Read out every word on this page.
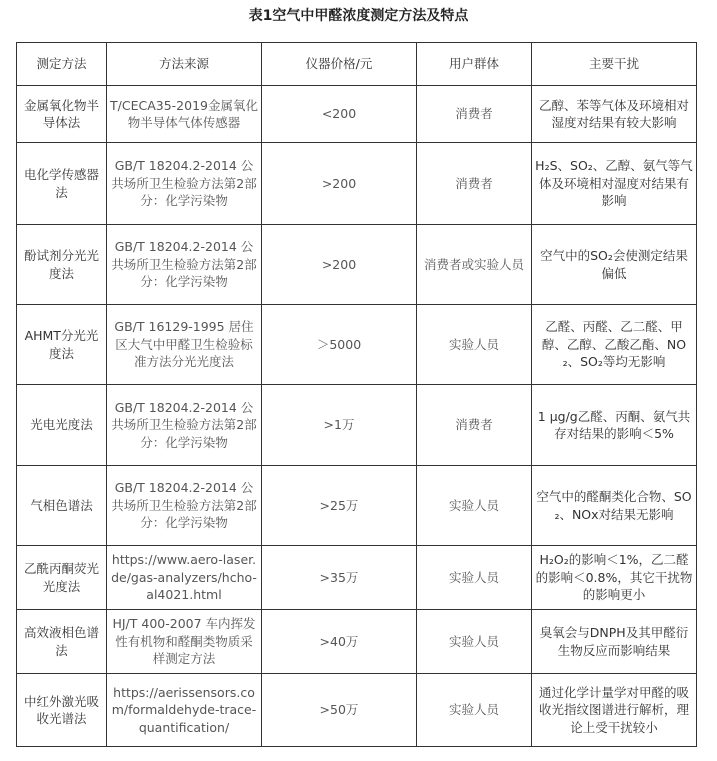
表1空气中甲醛浓度测定方法及特点
测定方法	方法来源	仪器价格/元	用户群体	主要干扰
金属氧化物半导体法	T/CECA35-2019金属氧化物半导体气体传感器	<200	消费者	乙醇、苯等气体及环境相对湿度对结果有较大影响
电化学传感器法	GB/T 18204.2-2014 公共场所卫生检验方法第2部分：化学污染物	>200	消费者	H₂S、SO₂、乙醇、氨气等气体及环境相对湿度对结果有影响
酚试剂分光光度法	GB/T 18204.2-2014 公共场所卫生检验方法第2部分：化学污染物	>200	消费者或实验人员	空气中的SO₂会使测定结果偏低
AHMT分光光度法	GB/T 16129-1995 居住区大气中甲醛卫生检验标准方法分光光度法	＞5000	实验人员	乙醛、丙醛、乙二醛、甲醇、乙醇、乙酸乙酯、NO₂、SO₂等均无影响
光电光度法	GB/T 18204.2-2014 公共场所卫生检验方法第2部分：化学污染物	>1万	消费者	1 μg/g乙醛、丙酮、氨气共存对结果的影响＜5%
气相色谱法	GB/T 18204.2-2014 公共场所卫生检验方法第2部分：化学污染物	>25万	实验人员	空气中的醛酮类化合物、SO₂、NOx对结果无影响
乙酰丙酮荧光光度法	https://www.aero-laser.de/gas-analyzers/hcho-al4021.html	>35万	实验人员	H₂O₂的影响＜1%，乙二醛的影响＜0.8%，其它干扰物的影响更小
高效液相色谱法	HJ/T 400-2007 车内挥发性有机物和醛酮类物质采样测定方法	>40万	实验人员	臭氧会与DNPH及其甲醛衍生物反应而影响结果
中红外激光吸收光谱法	https://aerissensors.com/formaldehyde-trace-quantification/	>50万	实验人员	通过化学计量学对甲醛的吸收光指纹图谱进行解析，理论上受干扰较小
